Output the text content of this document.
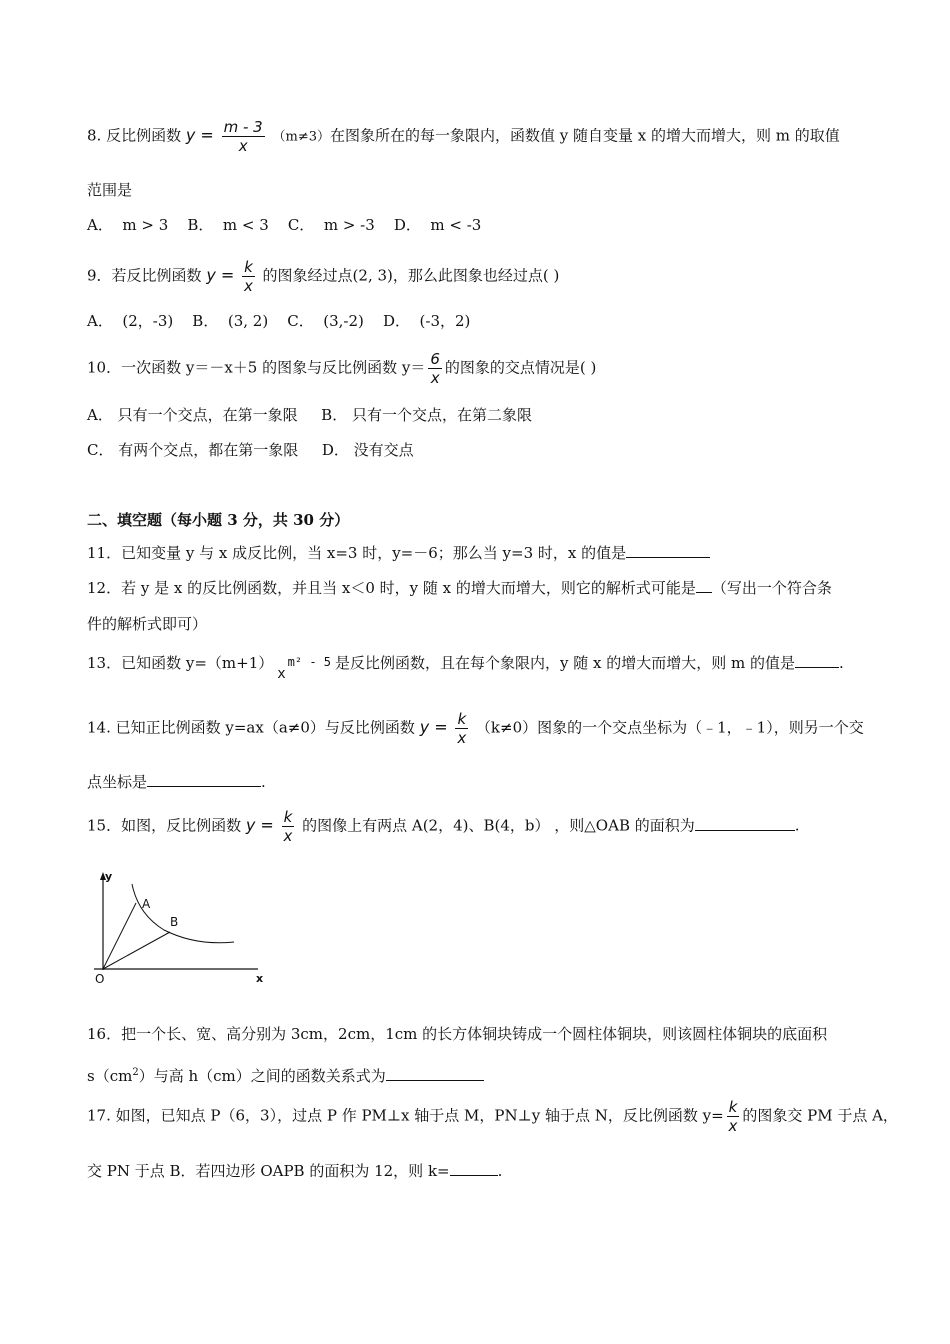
8. 反比例函数 $y = \frac{m - 3}{x} (m\ne 3)$在图象所在的每一象限内，函数值 y 随自变量 x 的增大而增大，则 m 的取值
范围是
A．  m > 3    B．  m < 3    C．  m > -3    D．  m < -3
9．若反比例函数 $y = \frac{k}{x}$ 的图象经过点(2, 3)，那么此图象也经过点( )
A．  (2，-3)    B．  (3, 2)    C．  (3,-2)    D．  (-3，2)
10．一次函数 y＝－x＋5 的图象与反比例函数 $y= \frac{6}{x}$ 的图象的交点情况是( )
A． 只有一个交点，在第一象限 B． 只有一个交点，在第二象限
C． 有两个交点，都在第一象限 D． 没有交点
二、填空题（每小题 3 分，共 30 分）
11．已知变量 y 与 x 成反比例，当 x=3 时，y=－6；那么当 y=3 时，x 的值是
12．若 y 是 x 的反比例函数，并且当 x＜0 时，y 随 x 的增大而增大，则它的解析式可能是 （写出一个符合条
件的解析式即可）
13．已知函数 y=（m+1）xm² - 5 是反比例函数，且在每个象限内，y 随 x 的增大而增大，则 m 的值是	.
14. 已知正比例函数 y=ax（a≠0）与反比例函数 $y = \frac{k}{x} (k\ne 0)$图象的一个交点坐标为（﹣1，﹣1），则另一个交
点坐标是	.
15．如图，反比例函数 $y = \frac{k}{x}$ 的图像上有两点 A(2，4)、B(4，b） ，则△OAB 的面积为	.
y
A
B
O	x
16．把一个长、宽、高分别为 3cm，2cm，1cm 的长方体铜块铸成一个圆柱体铜块，则该圆柱体铜块的底面积
$s(cm^2)$与高 h（cm）之间的函数关系式为
17. 如图，已知点 P（6，3），过点 P 作 PM⊥x 轴于点 M，PN⊥y 轴于点 N，反比例函数 $y= \frac{k}{x}$ 的图象交 PM 于点 A，
交 PN 于点 B．若四边形 OAPB 的面积为 12，则 k=	.
